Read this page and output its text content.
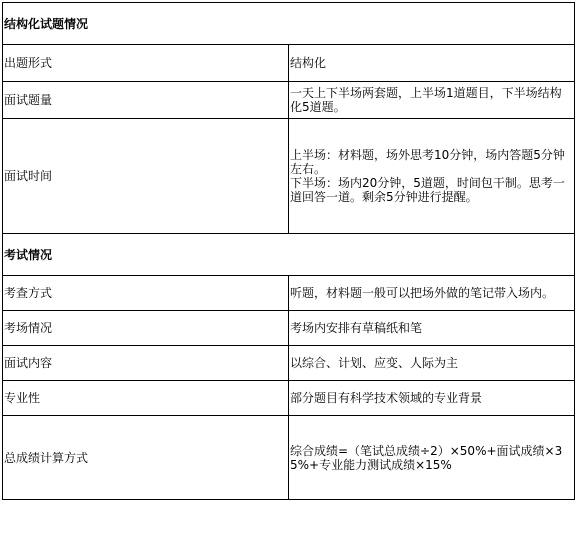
结构化试题情况	
出题形式	结构化
面试题量	一天上下半场两套题，上半场1道题目，下半场结构化5道题。
面试时间	上半场：材料题，场外思考10分钟，场内答题5分钟左右。
下半场：场内20分钟，5道题，时间包干制。思考一道回答一道。剩余5分钟进行提醒。

考试情况	
考查方式	听题，材料题一般可以把场外做的笔记带入场内。
考场情况	考场内安排有草稿纸和笔
面试内容	以综合、计划、应变、人际为主
专业性	部分题目有科学技术领域的专业背景
总成绩计算方式	综合成绩=（笔试总成绩÷2）×50%+面试成绩×35%+专业能力测试成绩×15%
